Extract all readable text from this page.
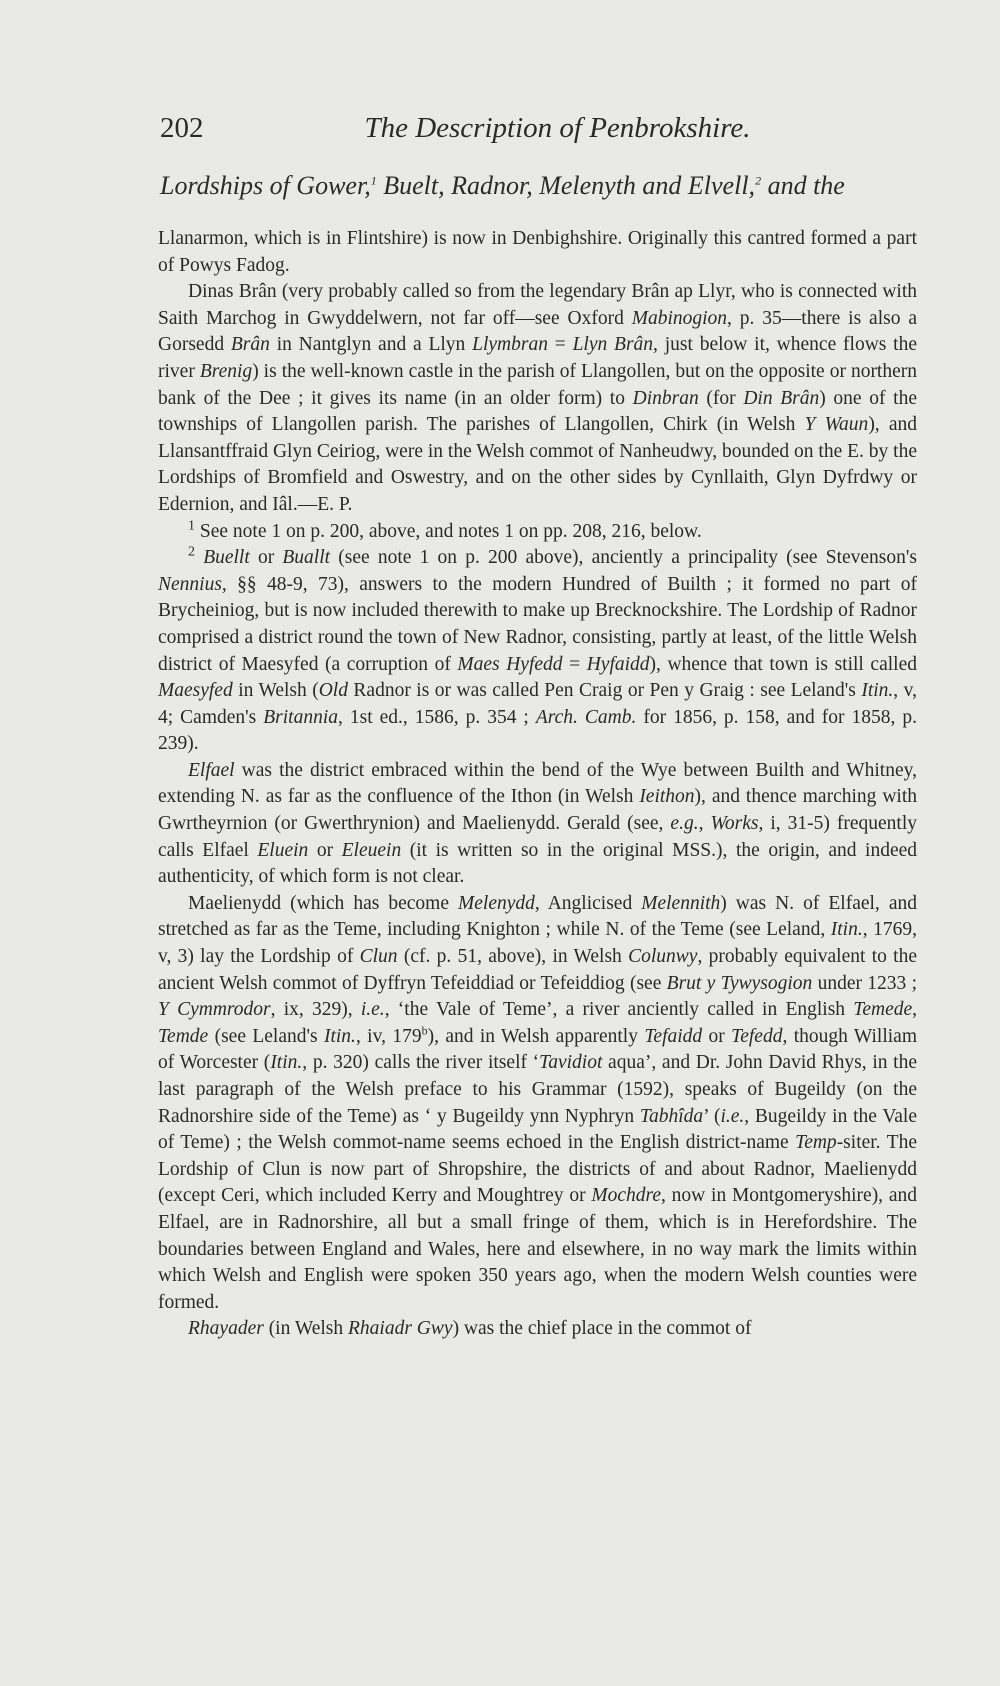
202	The Description of Penbrokshire.
Lordships of Gower,$^1$ Buelt, Radnor, Melenyth and Elvell,$^2$ and the

Llanarmon, which is in Flintshire) is now in Denbighshire. Originally this cantred formed a part of Powys Fadog.

Dinas Brân (very probably called so from the legendary Brân ap Llyr, who is connected with Saith Marchog in Gwyddelwern, not far off—see Oxford Mabinogion, p. 35—there is also a Gorsedd Brân in Nantglyn and a Llyn Llymbran = Llyn Brân, just below it, whence flows the river Brenig) is the well-known castle in the parish of Llangollen, but on the opposite or northern bank of the Dee ; it gives its name (in an older form) to Dinbran (for Din Brân) one of the townships of Llangollen parish. The parishes of Llangollen, Chirk (in Welsh Y Waun), and Llansantffraid Glyn Ceiriog, were in the Welsh commot of Nanheudwy, bounded on the E. by the Lordships of Bromfield and Oswestry, and on the other sides by Cynllaith, Glyn Dyfrdwy or Edernion, and Iâl.—E. P.

$^1$ See note 1 on p. 200, above, and notes 1 on pp. 208, 216, below.

$^2$ Buellt or Buallt (see note 1 on p. 200 above), anciently a principality (see Stevenson's Nennius, §§ 48-9, 73), answers to the modern Hundred of Builth ; it formed no part of Brycheiniog, but is now included therewith to make up Brecknockshire. The Lordship of Radnor comprised a district round the town of New Radnor, consisting, partly at least, of the little Welsh district of Maesyfed (a corruption of Maes Hyfedd = Hyfaidd), whence that town is still called Maesyfed in Welsh (Old Radnor is or was called Pen Craig or Pen y Graig : see Leland's Itin., v, 4; Camden's Britannia, 1st ed., 1586, p. 354 ; Arch. Camb. for 1856, p. 158, and for 1858, p. 239).

Elfael was the district embraced within the bend of the Wye between Builth and Whitney, extending N. as far as the confluence of the Ithon (in Welsh Ieithon), and thence marching with Gwrtheyrnion (or Gwerthrynion) and Maelienydd. Gerald (see, e.g., Works, i, 31-5) frequently calls Elfael Eluein or Eleuein (it is written so in the original MSS.), the origin, and indeed authenticity, of which form is not clear.

Maelienydd (which has become Melenydd, Anglicised Melennith) was N. of Elfael, and stretched as far as the Teme, including Knighton ; while N. of the Teme (see Leland, Itin., 1769, v, 3) lay the Lordship of Clun (cf. p. 51, above), in Welsh Colunwy, probably equivalent to the ancient Welsh commot of Dyffryn Tefeiddiad or Tefeiddiog (see Brut y Tywysogion under 1233 ; Y Cymmrodor, ix, 329), i.e., ‘the Vale of Teme’, a river anciently called in English Temede, Temde (see Leland's Itin., iv, 179$^b$), and in Welsh apparently Tefaidd or Tefedd, though William of Worcester (Itin., p. 320) calls the river itself ‘Tavidiot aqua’, and Dr. John David Rhys, in the last paragraph of the Welsh preface to his Grammar (1592), speaks of Bugeildy (on the Radnorshire side of the Teme) as ‘ y Bugeildy ynn Nyphryn Tabhîda’ (i.e., Bugeildy in the Vale of Teme) ; the Welsh commot-name seems echoed in the English district-name Temp-siter. The Lordship of Clun is now part of Shropshire, the districts of and about Radnor, Maelienydd (except Ceri, which included Kerry and Moughtrey or Mochdre, now in Montgomeryshire), and Elfael, are in Radnorshire, all but a small fringe of them, which is in Herefordshire. The boundaries between England and Wales, here and elsewhere, in no way mark the limits within which Welsh and English were spoken 350 years ago, when the modern Welsh counties were formed.

Rhayader (in Welsh Rhaiadr Gwy) was the chief place in the commot of
